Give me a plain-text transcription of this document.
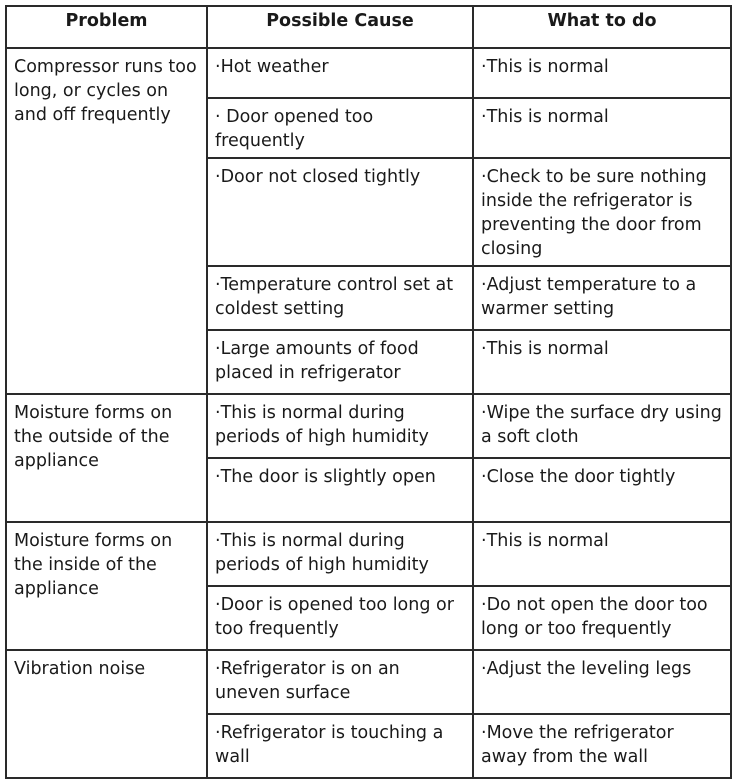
Problem	Possible Cause	What to do
Compressor runs too long, or cycles on and off frequently	·Hot weather	·This is normal
	· Door opened too frequently	·This is normal
	·Door not closed tightly	·Check to be sure nothing inside the refrigerator is preventing the door from closing
	·Temperature control set at coldest setting	·Adjust temperature to a warmer setting
	·Large amounts of food placed in refrigerator	·This is normal
Moisture forms on the outside of the appliance	·This is normal during periods of high humidity	·Wipe the surface dry using a soft cloth
	·The door is slightly open	·Close the door tightly
Moisture forms on the inside of the appliance	·This is normal during periods of high humidity	·This is normal
	·Door is opened too long or too frequently	·Do not open the door too long or too frequently
Vibration noise	·Refrigerator is on an uneven surface	·Adjust the leveling legs
	·Refrigerator is touching a wall	·Move the refrigerator away from the wall
